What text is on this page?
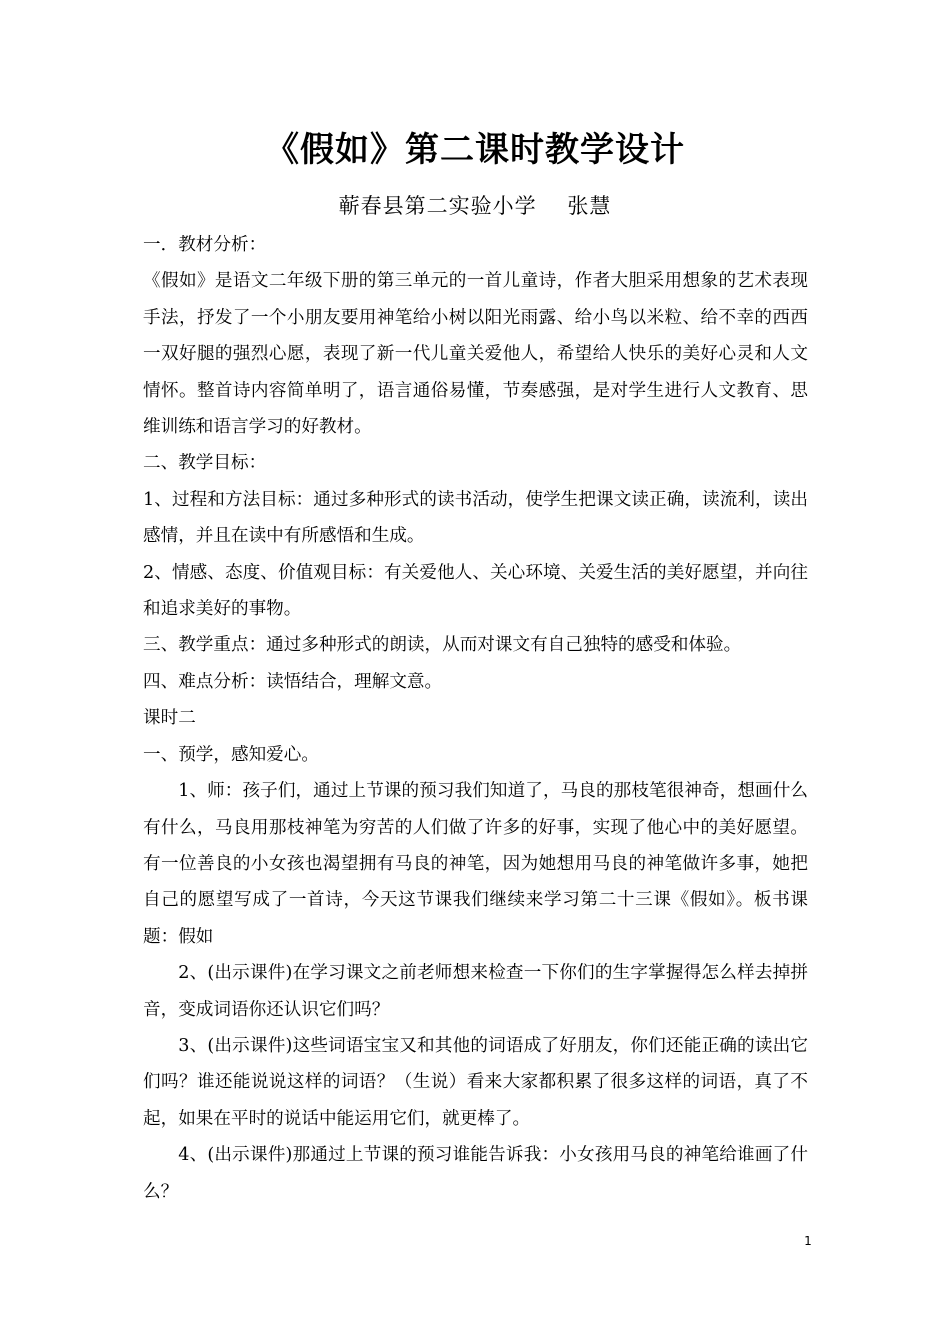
《假如》第二课时教学设计
蕲春县第二实验小学    张慧

一．教材分析：

《假如》是语文二年级下册的第三单元的一首儿童诗，作者大胆采用想象的艺术表现手法，抒发了一个小朋友要用神笔给小树以阳光雨露、给小鸟以米粒、给不幸的西西一双好腿的强烈心愿，表现了新一代儿童关爱他人，希望给人快乐的美好心灵和人文情怀。整首诗内容简单明了，语言通俗易懂，节奏感强，是对学生进行人文教育、思维训练和语言学习的好教材。

二、教学目标：

1、过程和方法目标：通过多种形式的读书活动，使学生把课文读正确，读流利，读出感情，并且在读中有所感悟和生成。

2、情感、态度、价值观目标：有关爱他人、关心环境、关爱生活的美好愿望，并向往和追求美好的事物。

三、教学重点：通过多种形式的朗读，从而对课文有自己独特的感受和体验。

四、难点分析：读悟结合，理解文意。

课时二

一、预学，感知爱心。

1、师：孩子们，通过上节课的预习我们知道了，马良的那枝笔很神奇，想画什么有什么，马良用那枝神笔为穷苦的人们做了许多的好事，实现了他心中的美好愿望。有一位善良的小女孩也渴望拥有马良的神笔，因为她想用马良的神笔做许多事，她把自己的愿望写成了一首诗，今天这节课我们继续来学习第二十三课《假如》。板书课题：假如

2、(出示课件)在学习课文之前老师想来检查一下你们的生字掌握得怎么样去掉拼音，变成词语你还认识它们吗？

3、(出示课件)这些词语宝宝又和其他的词语成了好朋友，你们还能正确的读出它们吗？谁还能说说这样的词语？（生说）看来大家都积累了很多这样的词语，真了不起，如果在平时的说话中能运用它们，就更棒了。

4、(出示课件)那通过上节课的预习谁能告诉我：小女孩用马良的神笔给谁画了什么？

1
